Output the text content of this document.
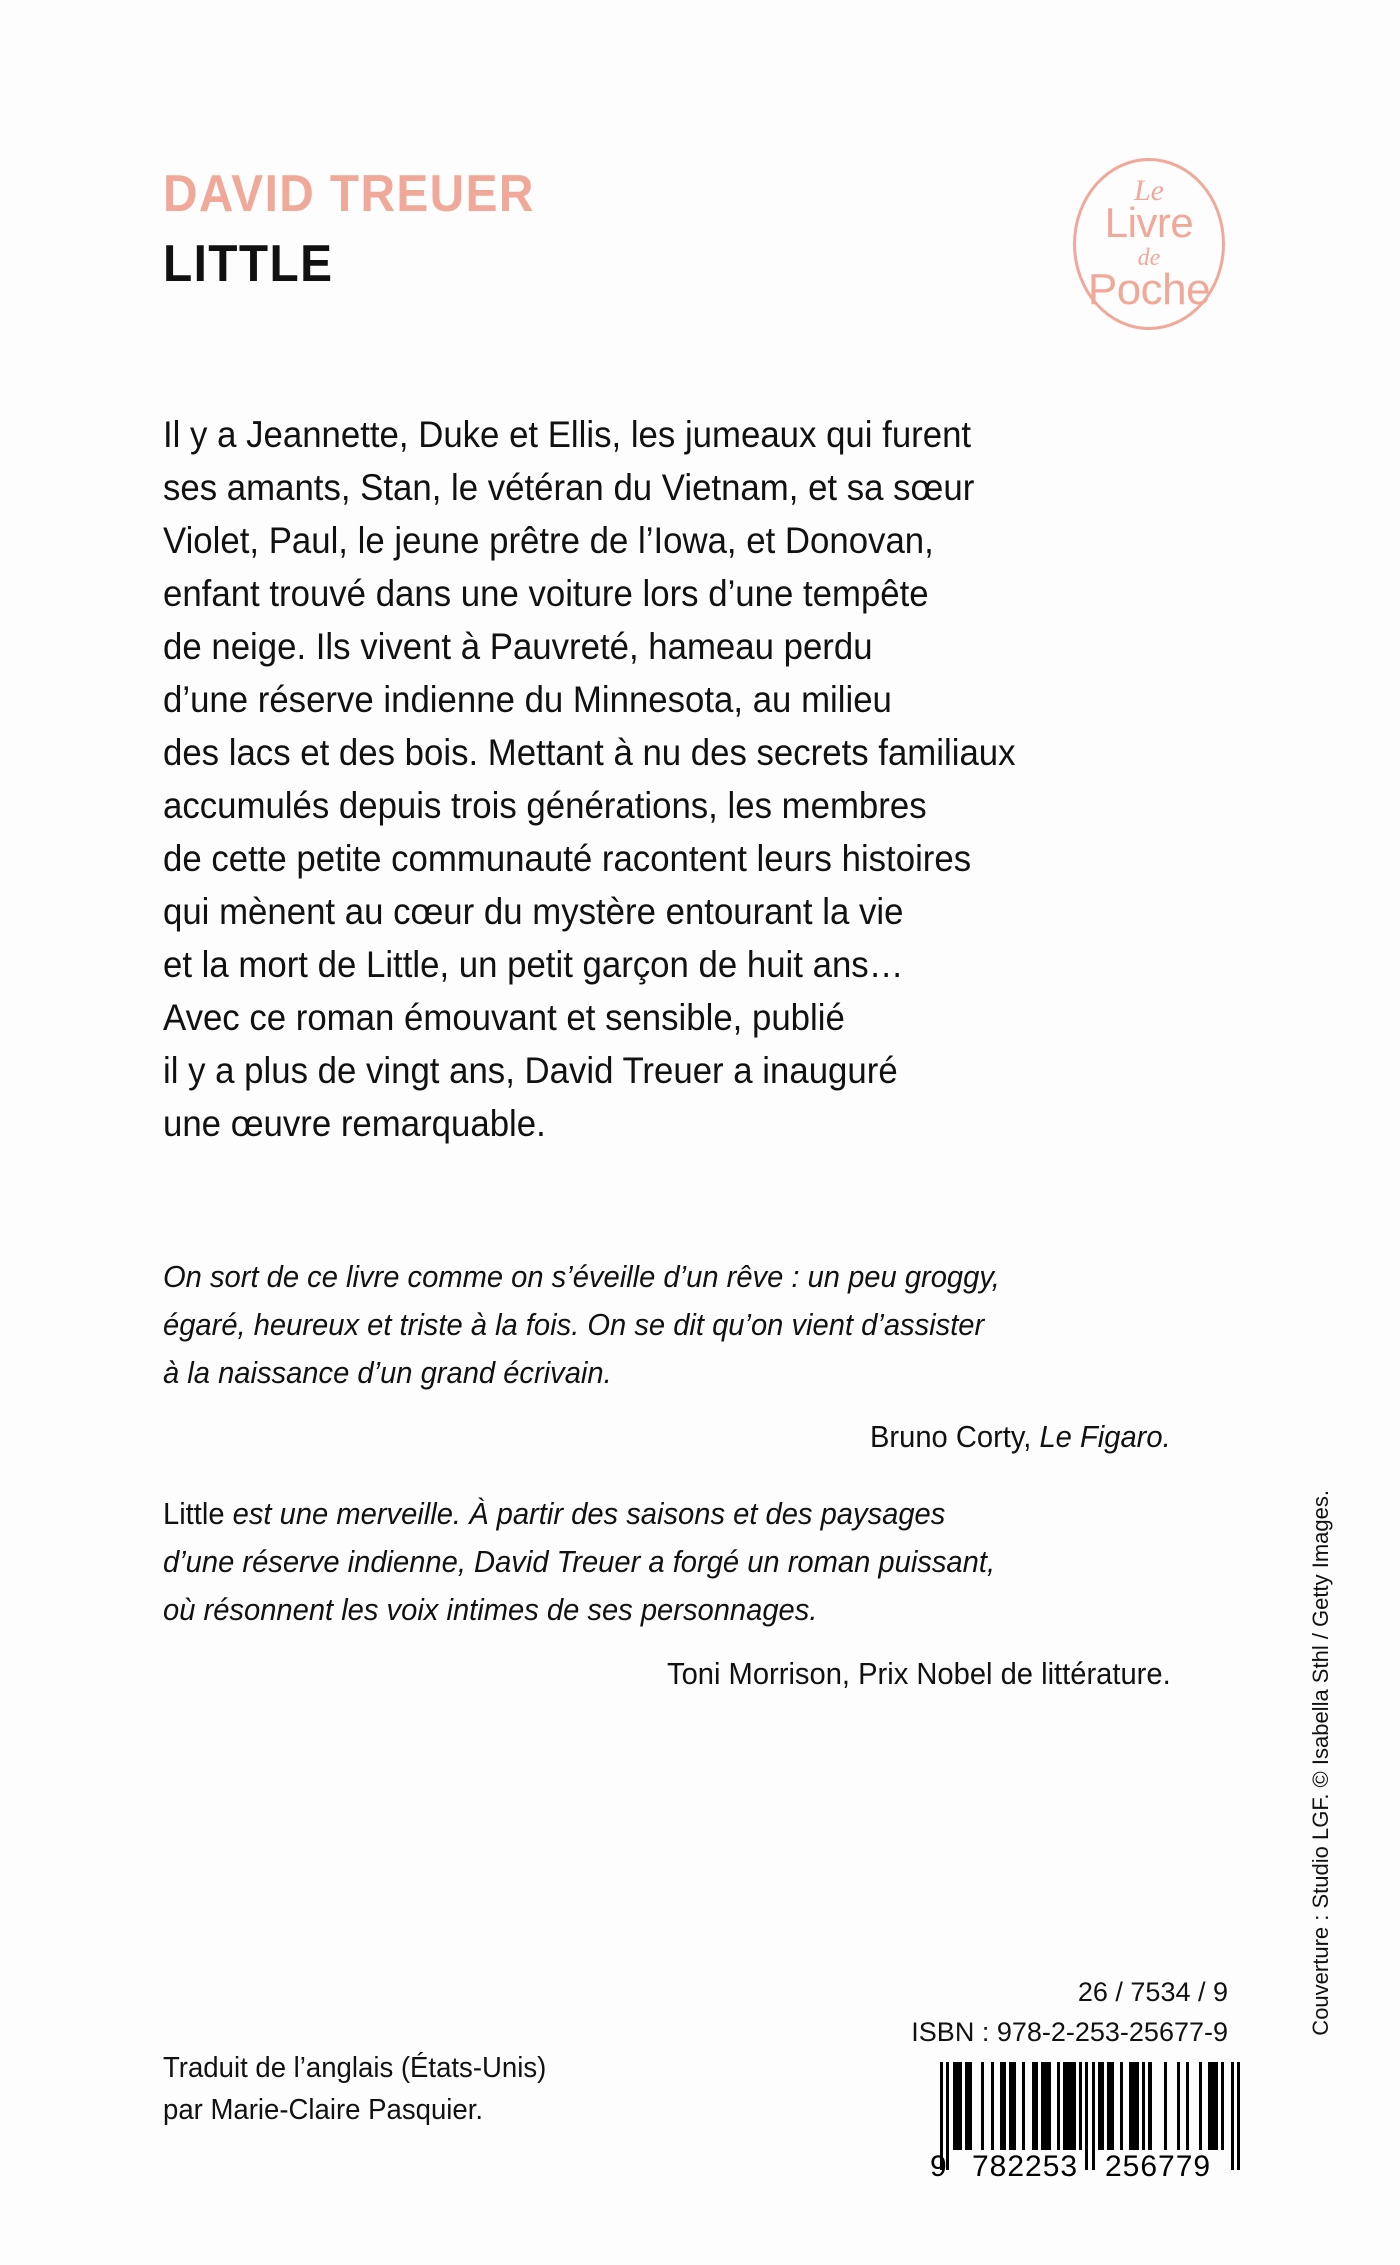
DAVID TREUER
LITTLE
Le
Livre
de
Poche
Il y a Jeannette, Duke et Ellis, les jumeaux qui furent
ses amants, Stan, le vétéran du Vietnam, et sa sœur
Violet, Paul, le jeune prêtre de l’Iowa, et Donovan,
enfant trouvé dans une voiture lors d’une tempête
de neige. Ils vivent à Pauvreté, hameau perdu
d’une réserve indienne du Minnesota, au milieu
des lacs et des bois. Mettant à nu des secrets familiaux
accumulés depuis trois générations, les membres
de cette petite communauté racontent leurs histoires
qui mènent au cœur du mystère entourant la vie
et la mort de Little, un petit garçon de huit ans…
Avec ce roman émouvant et sensible, publié
il y a plus de vingt ans, David Treuer a inauguré
une œuvre remarquable.
On sort de ce livre comme on s’éveille d’un rêve : un peu groggy,
égaré, heureux et triste à la fois. On se dit qu’on vient d’assister
à la naissance d’un grand écrivain.
Bruno Corty, Le Figaro.
Little est une merveille. À partir des saisons et des paysages
d’une réserve indienne, David Treuer a forgé un roman puissant,
où résonnent les voix intimes de ses personnages.
Toni Morrison, Prix Nobel de littérature.	Couverture : Studio LGF. © Isabella Sthl / Getty Images.
Traduit de l’anglais (États-Unis)
par Marie-Claire Pasquier.
26 / 7534 / 9
ISBN : 978-2-253-25677-9
9 782253 256779
